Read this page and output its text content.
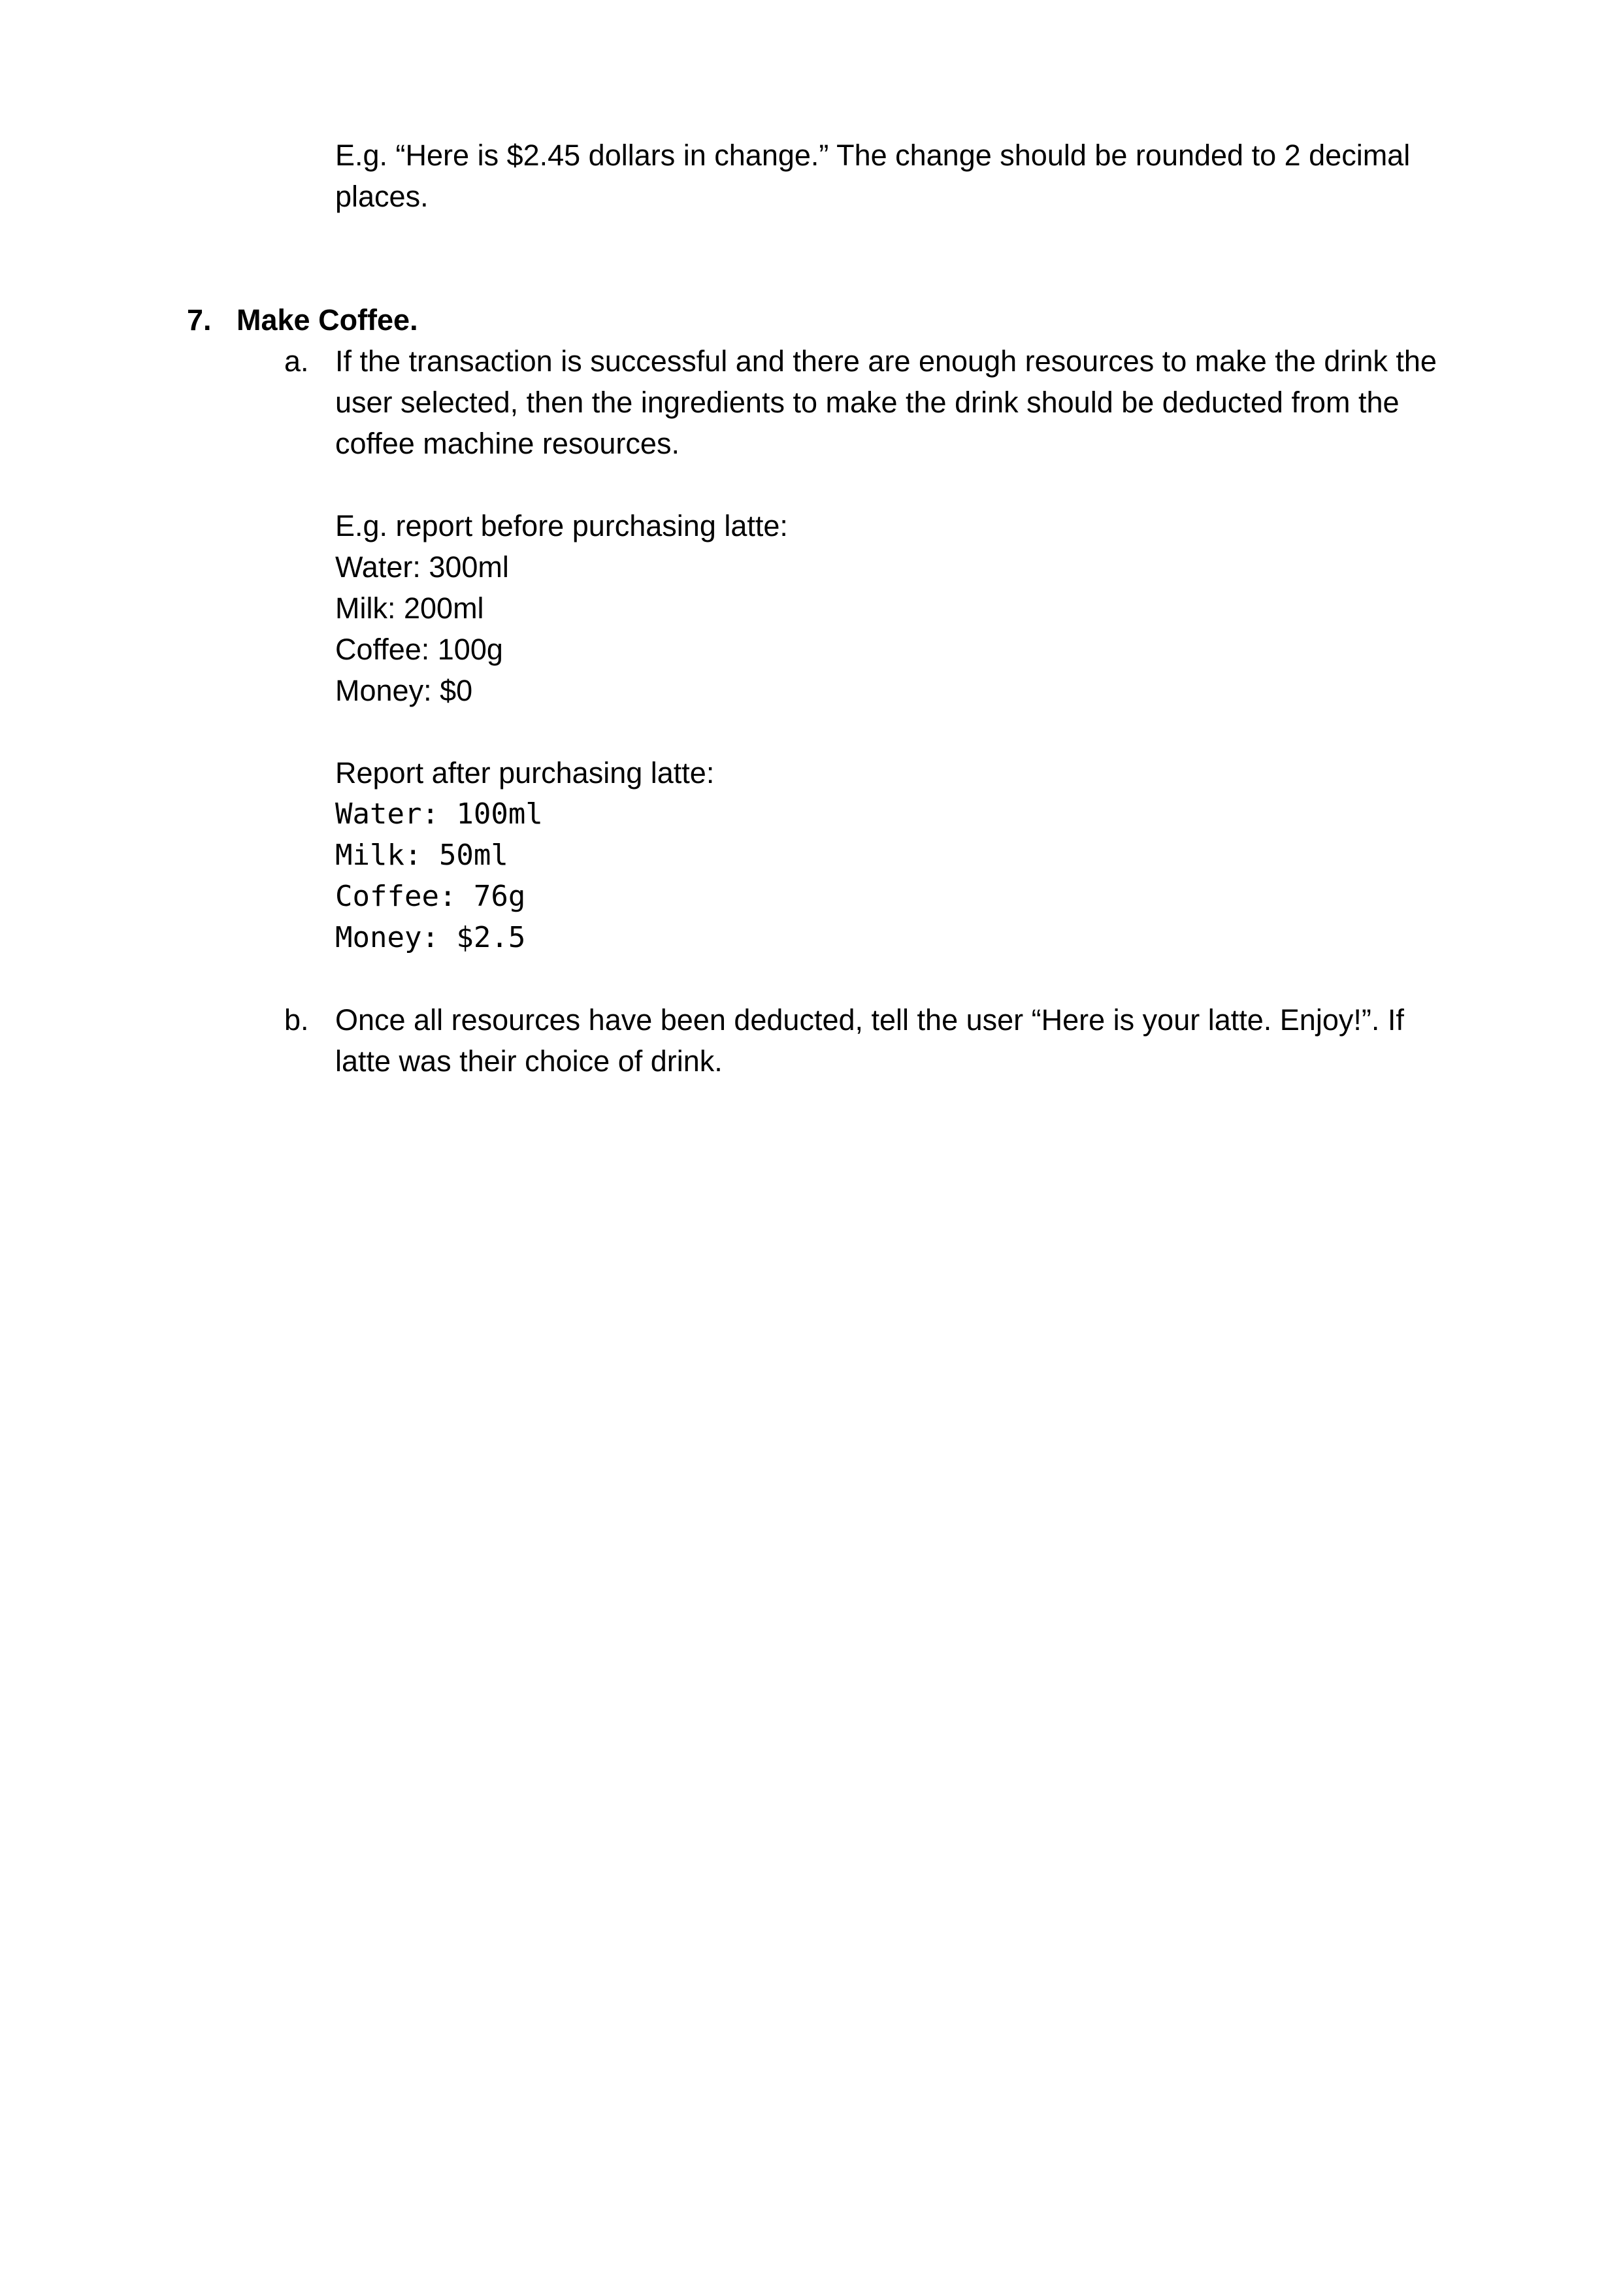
E.g. “Here is $2.45 dollars in change.” The change should be rounded to 2 decimal
places.
7. Make Coffee.
a. If the transaction is successful and there are enough resources to make the drink the
user selected, then the ingredients to make the drink should be deducted from the
coffee machine resources.
E.g. report before purchasing latte:
Water: 300ml
Milk: 200ml
Coffee: 100g
Money: $0
Report after purchasing latte:
Water: 100ml
Milk: 50ml
Coffee: 76g
Money: $2.5
b. Once all resources have been deducted, tell the user “Here is your latte. Enjoy!”. If
latte was their choice of drink.
